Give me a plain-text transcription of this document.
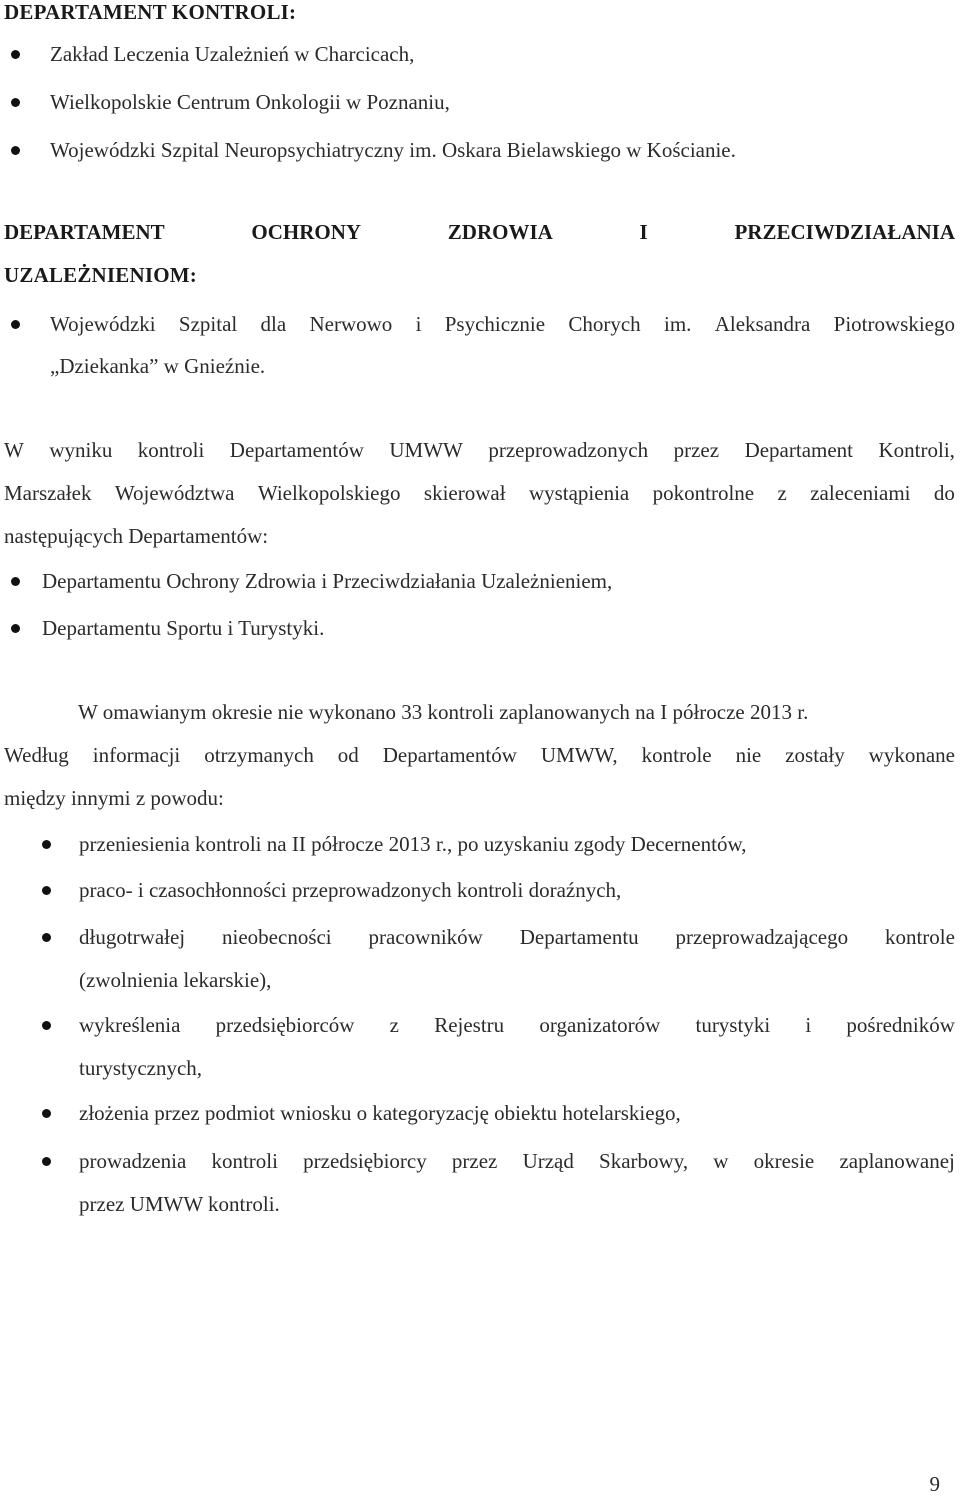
DEPARTAMENT KONTROLI:
Zakład Leczenia Uzależnień w Charcicach,
Wielkopolskie Centrum Onkologii w Poznaniu,
Wojewódzki Szpital Neuropsychiatryczny im. Oskara Bielawskiego w Kościanie.
DEPARTAMENT	OCHRONY	ZDROWIA	I	PRZECIWDZIAŁANIA
UZALEŻNIENIOM:
Wojewódzki Szpital dla Nerwowo i Psychicznie Chorych im. Aleksandra Piotrowskiego
„Dziekanka” w Gnieźnie.
W wyniku kontroli Departamentów UMWW przeprowadzonych przez Departament Kontroli,
Marszałek Województwa Wielkopolskiego skierował wystąpienia pokontrolne z zaleceniami do
następujących Departamentów:
Departamentu Ochrony Zdrowia i Przeciwdziałania Uzależnieniem,
Departamentu Sportu i Turystyki.
W omawianym okresie nie wykonano 33 kontroli zaplanowanych na I półrocze 2013 r.
Według informacji otrzymanych od Departamentów UMWW, kontrole nie zostały wykonane
między innymi z powodu:
przeniesienia kontroli na II półrocze 2013 r., po uzyskaniu zgody Decernentów,
praco- i czasochłonności przeprowadzonych kontroli doraźnych,
długotrwałej nieobecności pracowników Departamentu przeprowadzającego kontrole
(zwolnienia lekarskie),
wykreślenia przedsiębiorców z Rejestru organizatorów turystyki i pośredników
turystycznych,
złożenia przez podmiot wniosku o kategoryzację obiektu hotelarskiego,
prowadzenia kontroli przedsiębiorcy przez Urząd Skarbowy, w okresie zaplanowanej
przez UMWW kontroli.
9
